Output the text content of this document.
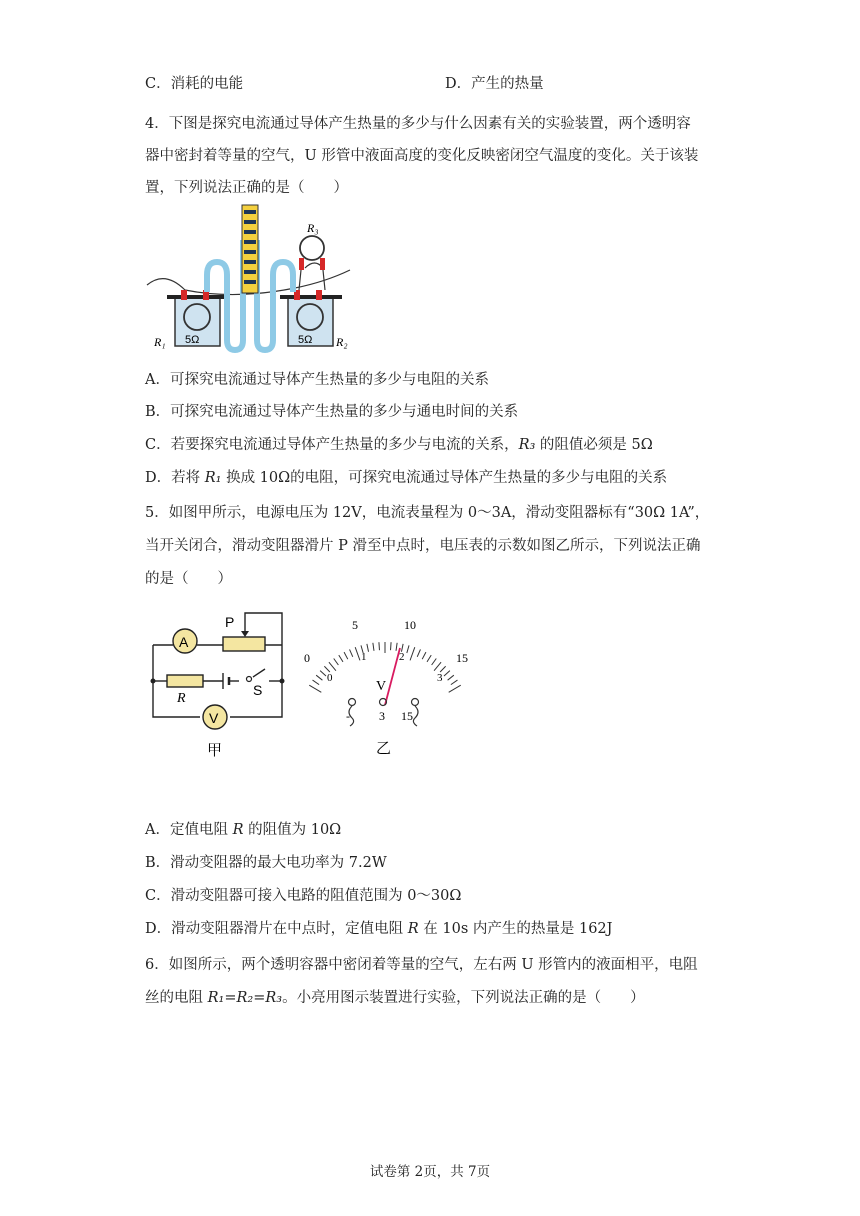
C．消耗的电能	D．产生的热量
4．下图是探究电流通过导体产生热量的多少与什么因素有关的实验装置，两个透明容
器中密封着等量的空气，U 形管中液面高度的变化反映密闭空气温度的变化。关于该装
置，下列说法正确的是（　　）
R₃
R₁	R₂
5Ω	5Ω
A．可探究电流通过导体产生热量的多少与电阻的关系
B．可探究电流通过导体产生热量的多少与通电时间的关系
C．若要探究电流通过导体产生热量的多少与电流的关系，R₃ 的阻值必须是 5Ω
D．若将 R₁ 换成 10Ω的电阻，可探究电流通过导体产生热量的多少与电阻的关系
5．如图甲所示，电源电压为 12V，电流表量程为 0～3A，滑动变阻器标有“30Ω 1A”，
当开关闭合，滑动变阻器滑片 P 滑至中点时，电压表的示数如图乙所示，下列说法正确
的是（　　）
A
P
R
S
V
甲
0
5	10
15
0
1	2
3
V
- 3 15
乙
A．定值电阻 R 的阻值为 10Ω
B．滑动变阻器的最大电功率为 7.2W
C．滑动变阻器可接入电路的阻值范围为 0～30Ω
D．滑动变阻器滑片在中点时，定值电阻 R 在 10s 内产生的热量是 162J
6．如图所示，两个透明容器中密闭着等量的空气，左右两 U 形管内的液面相平，电阻
丝的电阻 R₁=R₂=R₃。小亮用图示装置进行实验，下列说法正确的是（　　）
试卷第 2页，共 7页
